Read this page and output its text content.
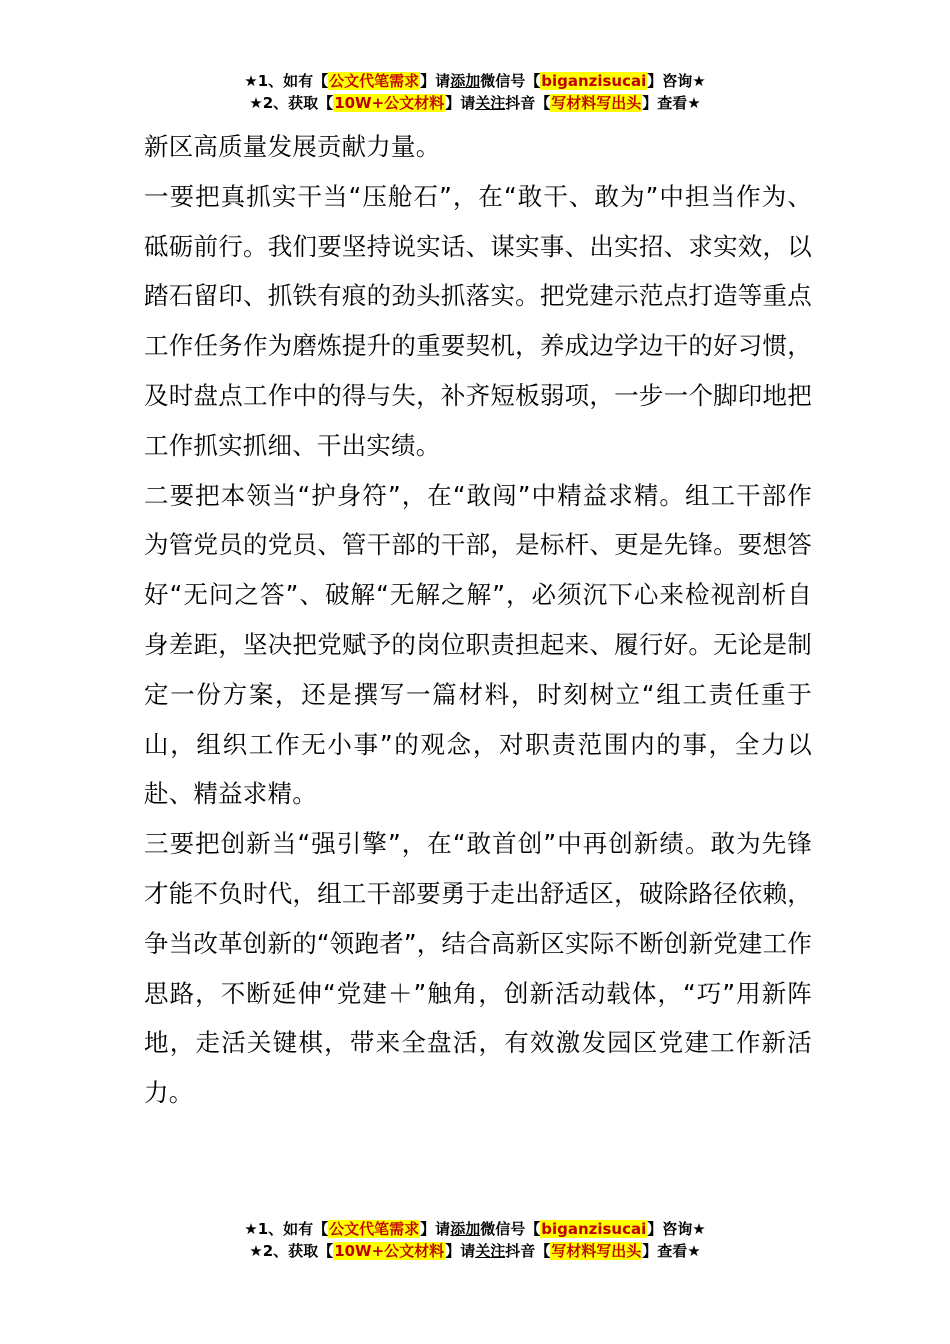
★1、如有【公文代笔需求】请添加微信号【biganzisucai】咨询★
★2、获取【10W+公文材料】请关注抖音【写材料写出头】查看★

新区高质量发展贡献力量。

一要把真抓实干当“压舱石”，在“敢干、敢为”中担当作为、砥砺前行。我们要坚持说实话、谋实事、出实招、求实效，以踏石留印、抓铁有痕的劲头抓落实。把党建示范点打造等重点工作任务作为磨炼提升的重要契机，养成边学边干的好习惯，及时盘点工作中的得与失，补齐短板弱项，一步一个脚印地把工作抓实抓细、干出实绩。

二要把本领当“护身符”，在“敢闯”中精益求精。组工干部作为管党员的党员、管干部的干部，是标杆、更是先锋。要想答好“无问之答”、破解“无解之解”，必须沉下心来检视剖析自身差距，坚决把党赋予的岗位职责担起来、履行好。无论是制定一份方案，还是撰写一篇材料，时刻树立“组工责任重于山，组织工作无小事”的观念，对职责范围内的事，全力以赴、精益求精。

三要把创新当“强引擎”，在“敢首创”中再创新绩。敢为先锋才能不负时代，组工干部要勇于走出舒适区，破除路径依赖，争当改革创新的“领跑者”，结合高新区实际不断创新党建工作思路，不断延伸“党建＋”触角，创新活动载体，“巧”用新阵地，走活关键棋，带来全盘活，有效激发园区党建工作新活力。

★1、如有【公文代笔需求】请添加微信号【biganzisucai】咨询★
★2、获取【10W+公文材料】请关注抖音【写材料写出头】查看★
